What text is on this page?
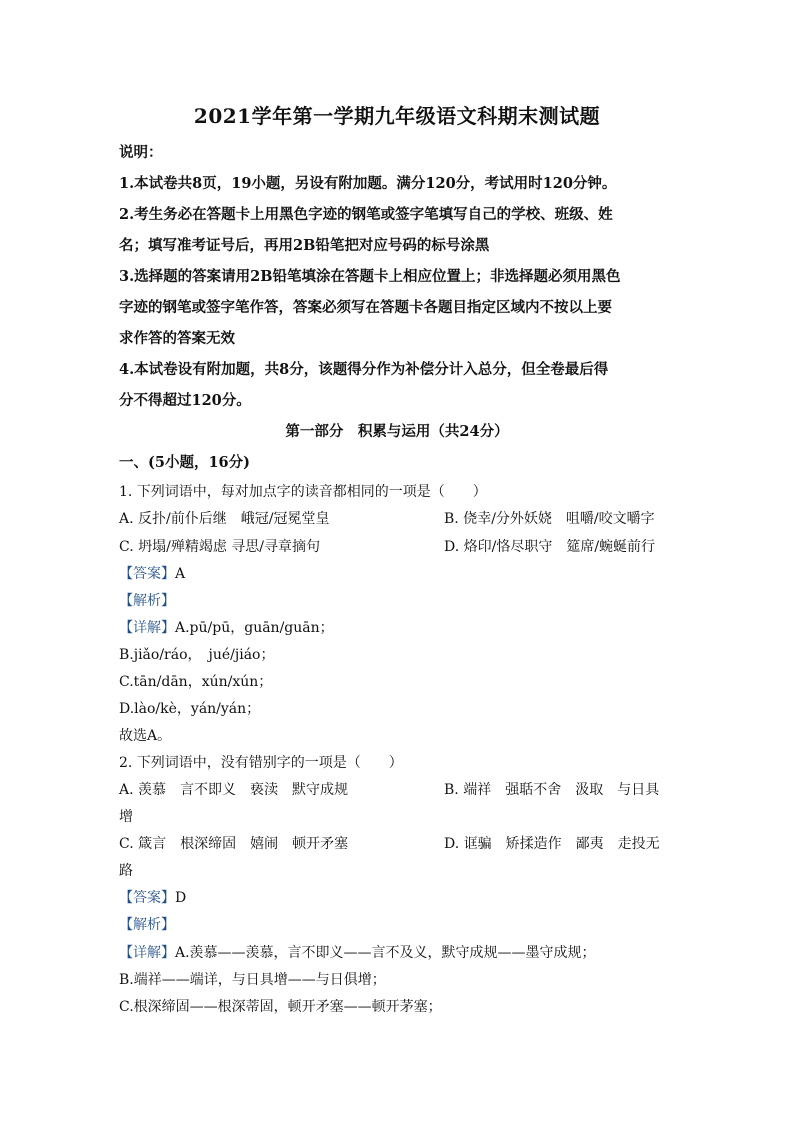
2021学年第一学期九年级语文科期末测试题
说明：
1.本试卷共8页，19小题，另设有附加题。满分120分，考试用时120分钟。
2.考生务必在答题卡上用黑色字迹的钢笔或签字笔填写自己的学校、班级、姓
名；填写准考证号后，再用2B铅笔把对应号码的标号涂黑
3.选择题的答案请用2B铅笔填涂在答题卡上相应位置上；非选择题必须用黑色
字迹的钢笔或签字笔作答，答案必须写在答题卡各题目指定区域内不按以上要
求作答的答案无效
4.本试卷设有附加题，共8分，该题得分作为补偿分计入总分，但全卷最后得
分不得超过120分。
第一部分　积累与运用（共24分）
一、(5小题，16分)
1. 下列词语中，每对加点字的读音都相同的一项是（　　）
A. 反扑/前仆后继　峨冠/冠冕堂皇	B. 侥幸/分外妖娆　咀嚼/咬文嚼字
C. 坍塌/殚精竭虑 寻思/寻章摘句	D. 烙印/恪尽职守　筵席/蜿蜒前行
【答案】A
【解析】
【详解】A.pū/pū，guān/guān；
B.jiǎo/ráo，　jué/jiáo；
C.tān/dān，xún/xún；
D.lào/kè，yán/yán；
故选A。
2. 下列词语中，没有错别字的一项是（　　）
A. 羡慕　言不即义　亵渎　默守成规	B. 端祥　强聒不舍　汲取　与日具
增
C. 箴言　根深缔固　嬉闹　顿开矛塞	D. 诓骗　矫揉造作　鄙夷　走投无
路
【答案】D
【解析】
【详解】A.羡慕——羡慕，言不即义——言不及义，默守成规——墨守成规；
B.端祥——端详，与日具增——与日俱增；
C.根深缔固——根深蒂固，顿开矛塞——顿开茅塞；
